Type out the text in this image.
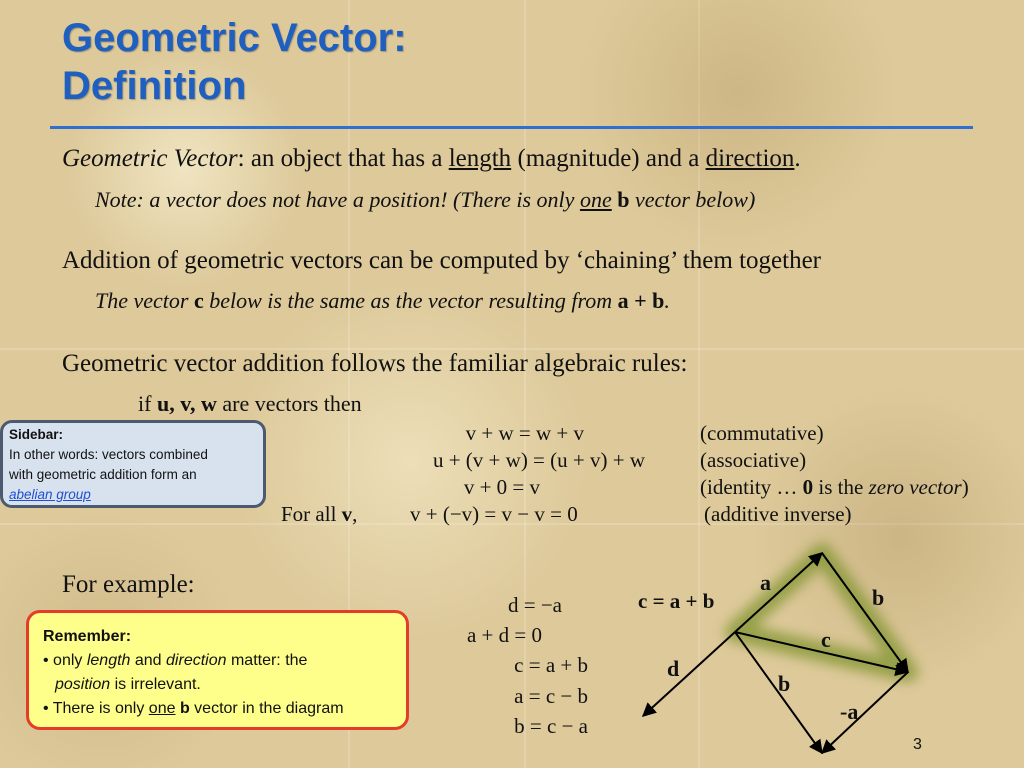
Geometric Vector:
Definition
Geometric Vector: an object that has a length (magnitude) and a direction.
Note: a vector does not have a position! (There is only one b vector below)
Addition of geometric vectors can be computed by ‘chaining’ them together
The vector c below is the same as the vector resulting from a + b.
Geometric vector addition follows the familiar algebraic rules:
if u, v, w are vectors then
v + w = w + v	(commutative)
u + (v + w) = (u + v) + w	(associative)
v + 0 = v	(identity … 0 is the zero vector)
For all v,	v + (−v) = v − v = 0	(additive inverse)
Sidebar:
In other words: vectors combined
with geometric addition form an
abelian group
For example:
d = −a
a + d = 0
c = a + b
a = c − b
b = c − a
Remember:
• only length and direction matter: the
position is irrelevant.
• There is only one b vector in the diagram
c = a + b
a
b
c
d
b
-a
3
